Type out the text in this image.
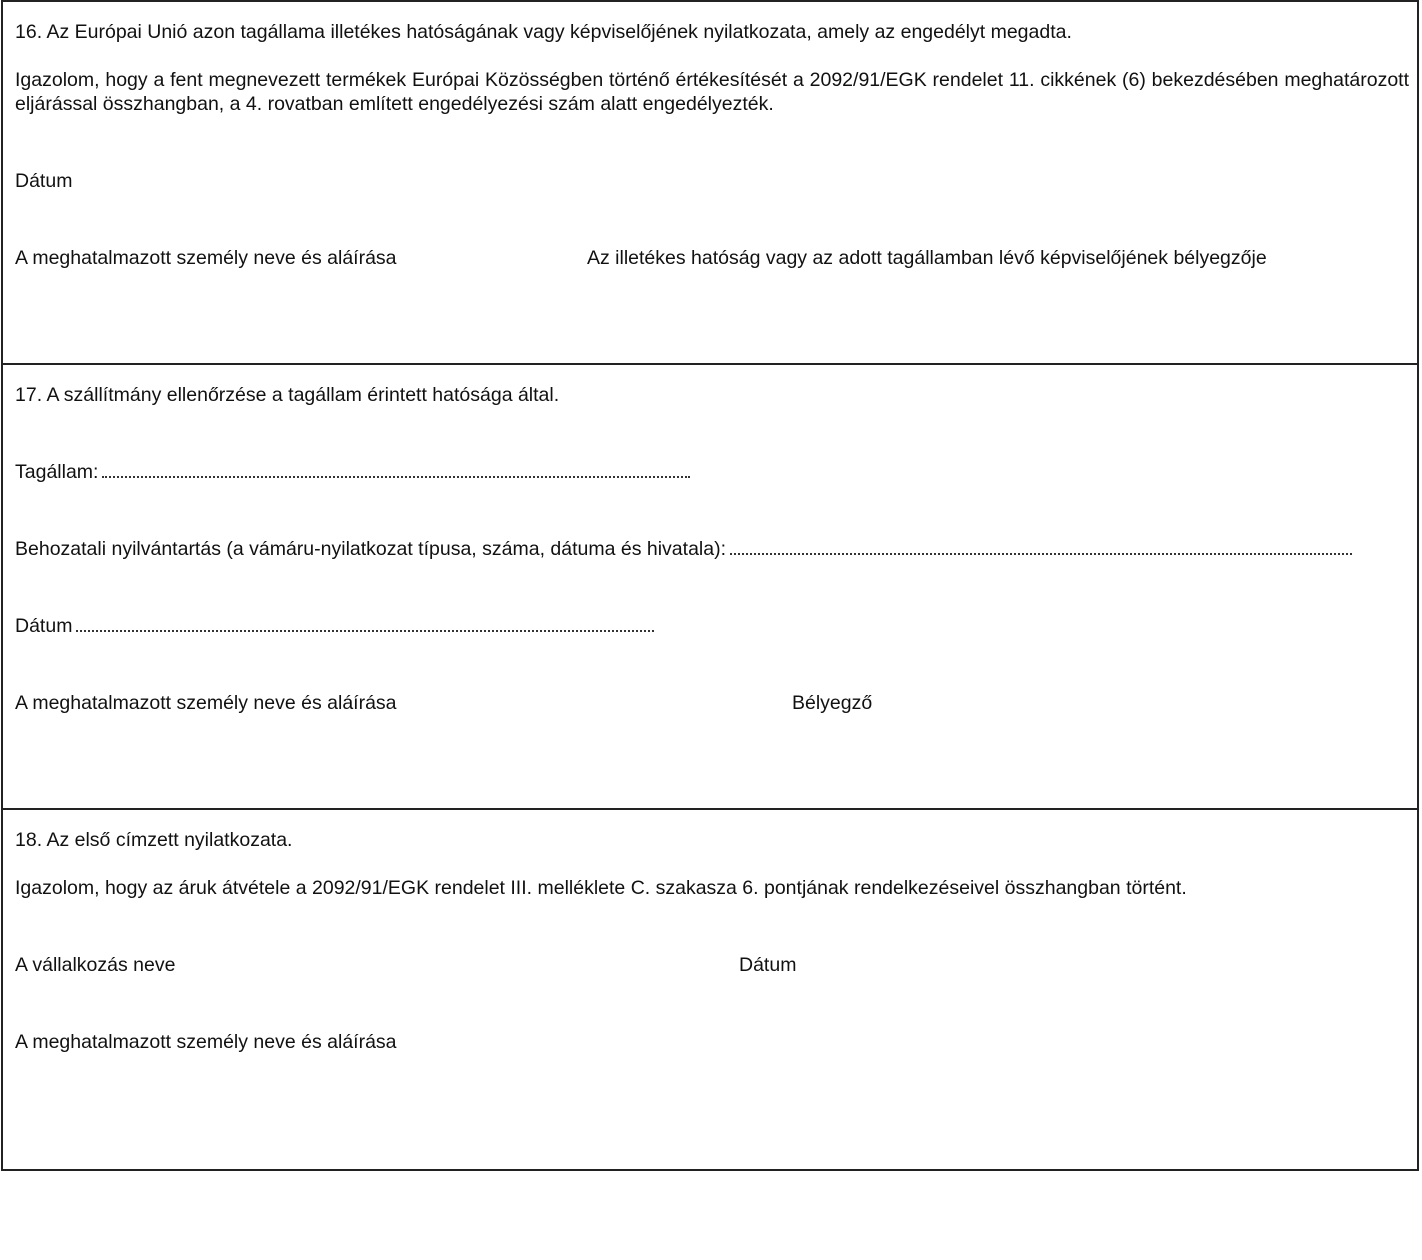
16. Az Európai Unió azon tagállama illetékes hatóságának vagy képviselőjének nyilatkozata, amely az engedélyt megadta.
Igazolom, hogy a fent megnevezett termékek Európai Közösségben történő értékesítését a 2092/91/EGK rendelet 11. cikkének (6) bekezdésében meghatározott eljárással összhangban, a 4. rovatban említett engedélyezési szám alatt engedélyezték.
Dátum
A meghatalmazott személy neve és aláírása	Az illetékes hatóság vagy az adott tagállamban lévő képviselőjének bélyegzője
17. A szállítmány ellenőrzése a tagállam érintett hatósága által.
Tagállam:
Behozatali nyilvántartás (a vámáru-nyilatkozat típusa, száma, dátuma és hivatala):
Dátum
A meghatalmazott személy neve és aláírása	Bélyegző
18. Az első címzett nyilatkozata.
Igazolom, hogy az áruk átvétele a 2092/91/EGK rendelet III. melléklete C. szakasza 6. pontjának rendelkezéseivel összhangban történt.
A vállalkozás neve	Dátum
A meghatalmazott személy neve és aláírása
